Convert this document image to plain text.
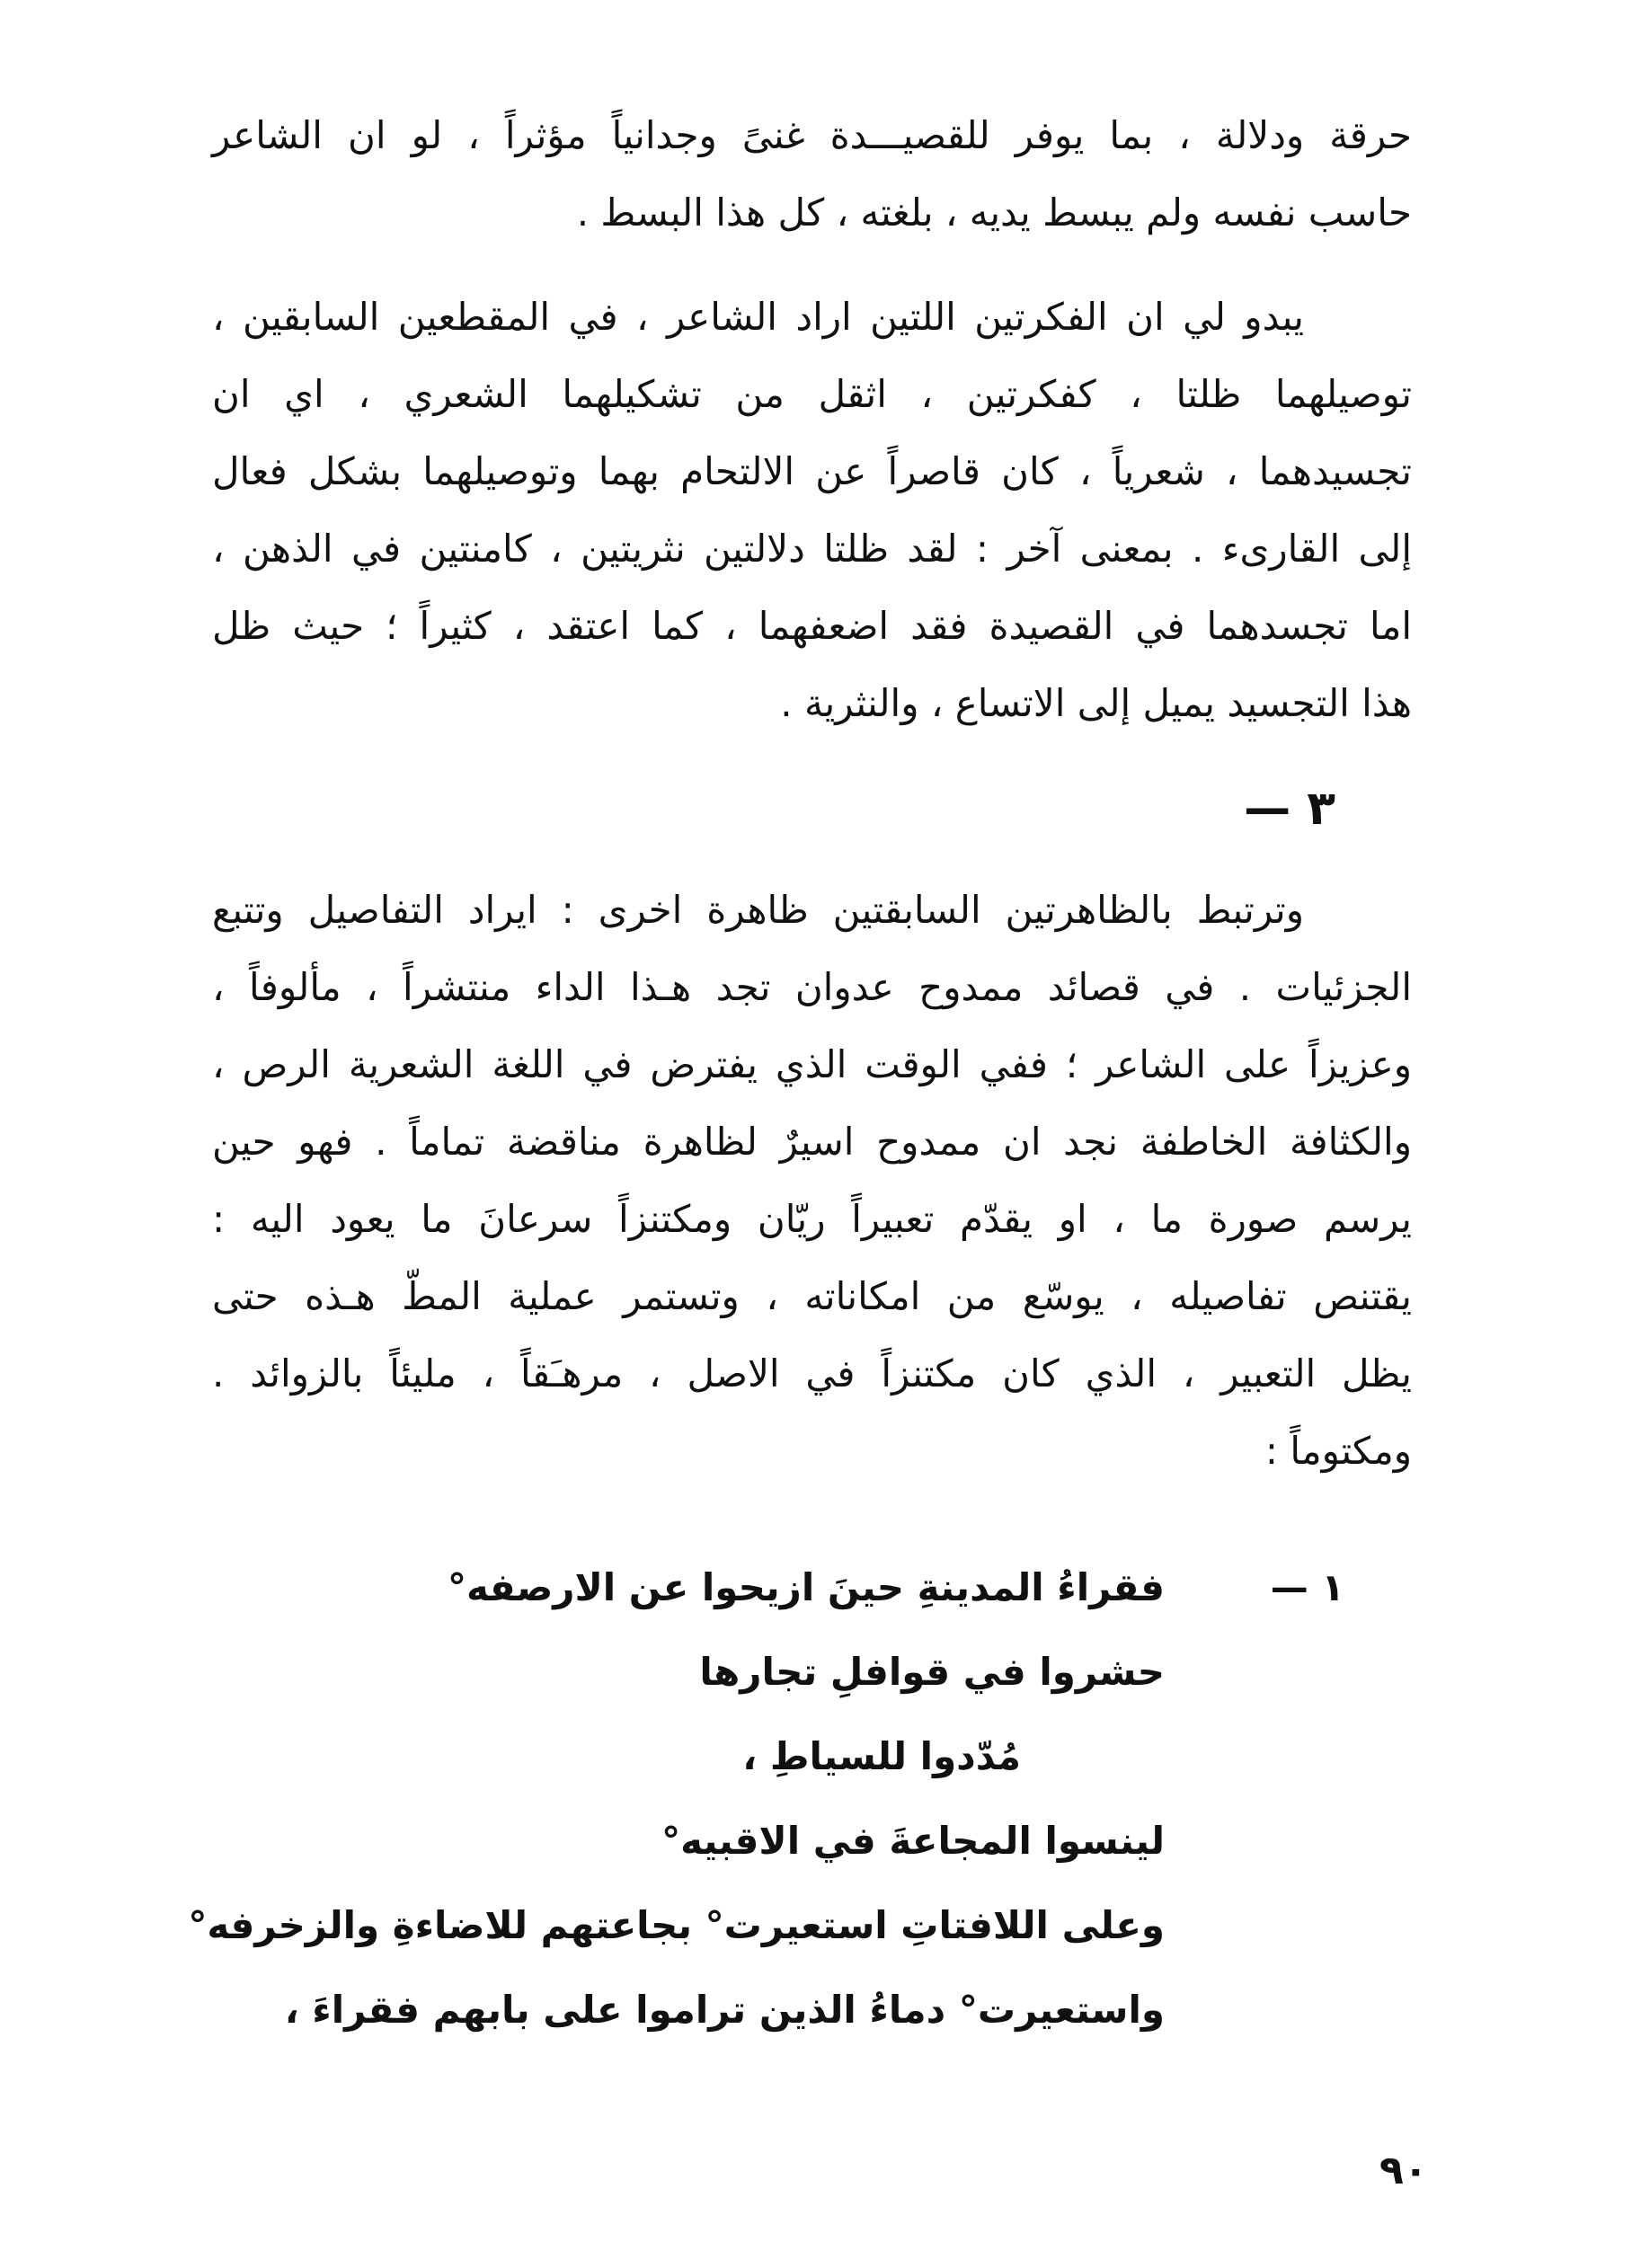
حرقة ودلالة ، بما يوفر للقصيـــدة غنىً وجدانياً مؤثراً ، لو ان الشاعر
حاسب نفسه ولم يبسط يديه ، بلغته ، كل هذا البسط .
يبدو لي ان الفكرتين اللتين اراد الشاعر ، في المقطعين السابقين ،
توصيلهما ظلتا ، كفكرتين ، اثقل من تشكيلهما الشعري ، اي ان
تجسيدهما ، شعرياً ، كان قاصراً عن الالتحام بهما وتوصيلهما بشكل فعال
إلى القارىء . بمعنى آخر : لقد ظلتا دلالتين نثريتين ، كامنتين في الذهن ،
اما تجسدهما في القصيدة فقد اضعفهما ، كما اعتقد ، كثيراً ؛ حيث ظل
هذا التجسيد يميل إلى الاتساع ، والنثرية .
٣ —
وترتبط بالظاهرتين السابقتين ظاهرة اخرى : ايراد التفاصيل وتتبع
الجزئيات . في قصائد ممدوح عدوان تجد هـذا الداء منتشراً ، مألوفاً ،
وعزيزاً على الشاعر ؛ ففي الوقت الذي يفترض في اللغة الشعرية الرص ،
والكثافة الخاطفة نجد ان ممدوح اسيرٌ لظاهرة مناقضة تماماً . فهو حين
يرسم صورة ما ، او يقدّم تعبيراً ريّان ومكتنزاً سرعانَ ما يعود اليه :
يقتنص تفاصيله ، يوسّع من امكاناته ، وتستمر عملية المطّ هـذه حتى
يظل التعبير ، الذي كان مكتنزاً في الاصل ، مرهـَقاً ، مليئاً بالزوائد .
ومكتوماً :
١ —فقراءُ المدينةِ حينَ ازيحوا عن الارصفه°
حشروا في قوافلِ تجارها
مُدّدوا للسياطِ ،
لينسوا المجاعةَ في الاقبيه°
وعلى اللافتاتِ استعيرت° بجاعتهم للاضاءةِ والزخرفه°
واستعيرت° دماءُ الذين تراموا على بابهم فقراءَ ،
٩٠
